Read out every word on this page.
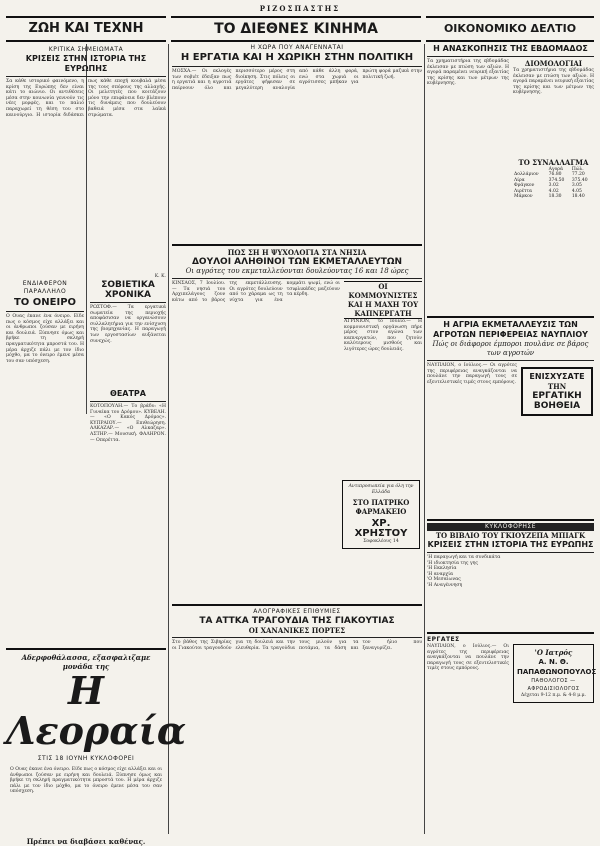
ΡΙΖΟΣΠΑΣΤΗΣ
ΖΩΗ ΚΑΙ ΤΕΧΝΗ	ΤΟ ΔΙΕΘΝΕΣ ΚΙΝΗΜΑ	ΟΙΚΟΝΟΜΙΚΟ ΔΕΛΤΙΟ
ΚΡΙΤΙΚΑ ΣΗΜΕΙΩΜΑΤΑ
ΚΡΙΣΕΙΣ ΣΤΗΝ ΙΣΤΟΡΙΑ ΤΗΣ ΕΥΡΩΠΗΣ
Σα κάθε ιστορικό φαινόμενο, η κρίση της Ευρώπης δεν είναι κάτι το αιώνιο. Οι αντιθέσεις μέσα στην κοινωνία γεννούν τις νέες μορφές, και το παλιό παραχωρεί τη θέση του στο καινούργιο. Η ιστορία διδάσκει πως κάθε εποχή κουβαλά μέσα της τους σπόρους της αλλαγής. Οι μελετητές που κοιτάζουν μόνο την επιφάνεια δεν βλέπουν τις δυνάμεις που δουλεύουν βαθειά μέσα στα λαϊκά στρώματα.
Κ. Κ.
ΕΝΔΙΑΦΕΡΟΝ ΠΑΡΑΛΛΗΛΟ
ΤΟ ΟΝΕΙΡΟ
Ο Ουας έκανε ένα όνειρο. Είδε πως ο κόσμος είχε αλλάξει και οι άνθρωποι ζούσαν με ειρήνη και δουλειά. Ξύπνησε όμως και βρήκε τη σκληρή πραγματικότητα μπροστά του. Η μέρα άρχιζε πάλι με τον ίδιο μόχθο, μα το όνειρο έμενε μέσα του σαν υπόσχεση.
ΣΟΒΙΕΤΙΚΑ
ΧΡΟΝΙΚΑ
ΡΩΣΤΟΦ.— Τα εργατικά σωματεία της περιοχής αποφάσισαν να οργανώσουν συλλαλητήρια για την ενίσχυση της βιομηχανίας. Η παραγωγή των εργοστασίων αυξάνεται συνεχώς.
ΘΕΑΤΡΑ
ΚΟΤΟΠΟΥΛΗ.— Το βράδυ: «Η Γυναίκα του Δρόμου». ΚΥΒΕΛΗ.— «Ο Κακός Δρόμος». ΚΥΠΡΑΙΟΥ.— Επιθεώρηση. ΑΛΚΑΖΑΡ.— «Ο Αλκαζαρ». ΑΣΤΗΡ.— Μουσική. ΦΑΛΗΡΟΝ.— Οπερέττα.
Αδερφοθάλασσα, εξασφαλιζαμε μονάδα της
Η Λεοραία
ΣΤΙΣ 18 ΙΟΥΝΗ ΚΥΚΛΟΦΟΡΕΙ
Ο Ουας έκανε ένα όνειρο. Είδε πως ο κόσμος είχε αλλάξει και οι άνθρωποι ζούσαν με ειρήνη και δουλειά. Ξύπνησε όμως και βρήκε τη σκληρή πραγματικότητα μπροστά του. Η μέρα άρχιζε πάλι με τον ίδιο μόχθο, μα το όνειρο έμενε μέσα του σαν υπόσχεση.
Πρέπει να διαβάσει καθένας.
Η ΧΩΡΑ ΠΟΥ ΑΝΑΓΕΝΝΑΤΑΙ
Η ΕΡΓΑΤΙΑ ΚΑΙ Η ΧΩΡΙΚΗ ΣΤΗΝ ΠΟΛΙΤΙΚΗ
ΜΟΣΧΑ.— Οι εκλογές των σοβιέτ έδειξαν πως η εργατιά και η αγροτιά παίρνουν όλο και περισσότερο μέρος στη διοίκηση. Στις πόλεις οι εργάτες ψήφισαν σε μεγαλύτερη αναλογία από κάθε άλλη φορά, ενώ στα χωριά οι αγρότισσες μπήκαν για πρώτη φορά μαζικά στην πολιτική ζωή.
ΠΩΣ ΣΗ Η ΨΥΧΟΛΟΓΙΑ ΣΤΑ ΝΗΣΙΑ
ΔΟΥΛΟΙ ΑΛΗΘΙΝΟΙ ΤΩΝ ΕΚΜΕΤΑΛΛΕΥΤΩΝ
Οι αγρότες του εκμεταλλεύονται δουλεύοντας 16 και 18 ώρες
ΚΙΝΣΑΟΣ, 7 Ιουλίου.— Τα νησιά του Αρχιπελάγους ζουν κάτω από το βάρος της εκμετάλλευσης. Οι αγρότες δουλεύουν από το χάραμα ως τη νύχτα για ένα κομμάτι ψωμί, ενώ οι τσιφλικάδες μαζεύουν τα κέρδη.
ΟΙ ΚΟΜΜΟΥΝΙΣΤΕΣ ΚΑΙ Η ΜΑΧΗ ΤΟΥ ΚΑΠΝΕΡΓΑΤΗ
ΑΓΡΙΝΙΟΝ, το Ιούλιο.— Η κομμουνιστική οργάνωση πήρε μέρος στον αγώνα των καπνεργατών, που ζητούν καλύτερους μισθούς και λιγότερες ώρες δουλειάς.
Αντιπροσωπεία για όλη την Ελλάδα
ΣΤΟ ΠΑΤΡΙΚΟ ΦΑΡΜΑΚΕΙΟ
ΧΡ. ΧΡΗΣΤΟΥ
Σοφοκλέους 14
ΑΛΟΓΡΑΦΙΚΕΣ ΕΠΙΘΥΜΙΕΣ
ΤΑ ΑΤΤΚΑ ΤΡΑΓΟΥΔΙΑ ΤΗΣ ΓΙΑΚΟΥΤΙΑΣ
ΟΙ ΧΑΝΑΝΙΚΕΣ ΠΟΡΤΕΣ
Στο βάθος της Σιβηρίας οι Γιακούτοι τραγουδούν για τη δουλειά και την ελευθερία. Τα τραγούδια τους μιλούν για τα ποτάμια, τα δάση και τον ήλιο που ξαναγυρίζει.
Η ΑΝΑΣΚΟΠΗΣΙΣ ΤΗΣ ΕΒΔΟΜΑΔΟΣ
Τα χρηματιστήρια της εβδομάδας έκλεισαν με πτώση των αξιών. Η αγορά παραμένει νευρική εξαιτίας της κρίσης και των μέτρων της κυβέρνησης.
ΔΙΟΜΟΛΟΓΙΑΙ
Τα χρηματιστήρια της εβδομάδας έκλεισαν με πτώση των αξιών. Η αγορά παραμένει νευρική εξαιτίας της κρίσης και των μέτρων της κυβέρνησης.
ΤΟ ΣΥΝΑΛΛΑΓΜΑ
	Αγορά	Πώλ.
Δολλάριον	76.80	77.20
Λίρα	374.50	375.40
Φράγκον	3.02	3.05
Λιρέττα	4.02	4.05
Μάρκον	18.30	18.40
Η ΑΓΡΙΑ ΕΚΜΕΤΑΛΛΕΥΣΙΣ ΤΩΝ ΑΓΡΟΤΩΝ ΠΕΡΙΦΕΡΕΙΑΣ ΝΑΥΠΛΙΟΥ
Πώς οι διάφοροι έμποροι πουλάνε σε βάρος των αγροτών
ΝΑΥΠΛΙΟΝ, ο Ιούλιος.— Οι αγρότες της περιφέρειας αναγκάζονται να πουλάνε την παραγωγή τους σε εξευτελιστικές τιμές στους εμπόρους.
ΕΝΙΣΧΥΣΑΤΕ
ΤΗΝ
ΕΡΓΑΤΙΚΗ
ΒΟΗΘΕΙΑ
ΚΥΚΛΟΦΟΡΗΣΕ
ΤΟ ΒΙΒΛΙΟ ΤΟΥ ΓΚΙΟΥΖΕΠΑ ΜΠΙΑΓΚ
ΚΡΙΣΕΙΣ ΣΤΗΝ ΙΣΤΟΡΙΑ ΤΗΣ ΕΥΡΩΠΗΣ
'Η παραγωγή και τα συνδικάτα
'Η ιδιοκτησία της γης
'Η Εκκλησία
'Η αναρχία
'Ο Μεσαίωνας
'Η Αναγέννηση
ΕΡΓΑΤΕΣ
ΝΑΥΠΛΙΟΝ, ο Ιούλιος.— Οι αγρότες της περιφέρειας αναγκάζονται να πουλάνε την παραγωγή τους σε εξευτελιστικές τιμές στους εμπόρους.
'Ο Ιατρός
Α. Ν. Θ. ΠΑΠΑΘΩΝΟΠΟΥΛΟΣ
ΠΑΘΟΛΟΓΟΣ — ΑΦΡΟΔΙΣΙΟΛΟΓΟΣ
Δέχεται 9-12 π.μ. & 4-8 μ.μ.
